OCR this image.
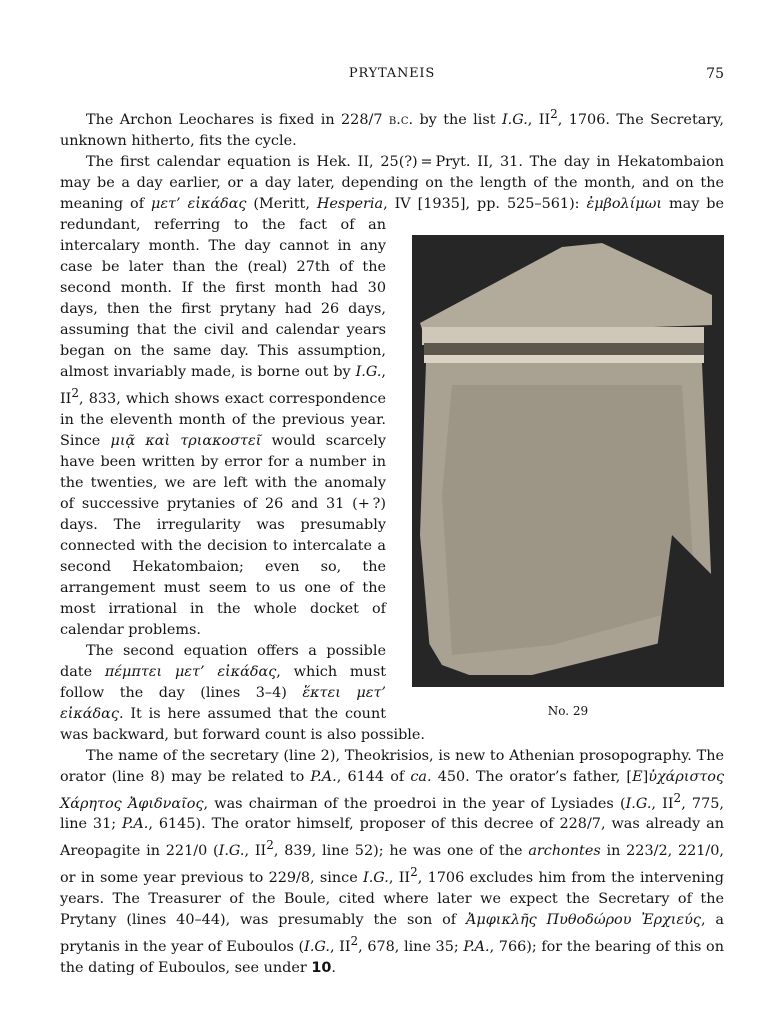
PRYTANEIS	75

The Archon Leochares is fixed in 228/7 b.c. by the list I.G., $II^2$, 1706. The Secretary, unknown hitherto, fits the cycle.

The first calendar equation is Hek. II, 25(?) = Pryt. II, 31. The day in Hekatombaion may be a day earlier, or a day later, depending on the length of the month, and on the meaning of μετ’ εἰκάδας (Meritt, Hesperia, IV [1935], pp. 525–561): ἐμβολίμωι
No. 29
may be redundant, referring to the fact of an intercalary month. The day cannot in any case be later than the (real) 27th of the second month. If the first month had 30 days, then the first prytany had 26 days, assuming that the civil and calendar years began on the same day. This assumption, almost invariably made, is borne out by I.G., $II^2$, 833, which shows exact correspondence in the eleventh month of the previous year. Since μιᾷ καὶ τριακοστεῖ would scarcely have been written by error for a number in the twenties, we are left with the anomaly of successive prytanies of 26 and 31 (+ ?) days. The irregularity was presumably connected with the decision to intercalate a second Hekatombaion; even so, the arrangement must seem to us one of the most irrational in the whole docket of calendar problems.

The second equation offers a possible date πέμπτει μετ’ εἰκάδας, which must follow the day (lines 3–4) ἕκτει μετ’ εἰκάδας. It is here assumed that the count was backward, but forward count is also possible.

The name of the secretary (line 2), Theokrisios, is new to Athenian prosopography. The orator (line 8) may be related to P.A., 6144 of ca. 450. The orator’s father, [E]ὐχάριστος Χάρητος Ἀφιδναῖος, was chairman of the proedroi in the year of Lysiades (I.G., $II^2$, 775, line 31; P.A., 6145). The orator himself, proposer of this decree of 228/7, was already an Areopagite in 221/0 (I.G., $II^2$, 839, line 52); he was one of the archontes in 223/2, 221/0, or in some year previous to 229/8, since I.G., $II^2$, 1706 excludes him from the intervening years. The Treasurer of the Boule, cited where later we expect the Secretary of the Prytany (lines 40–44), was presumably the son of Ἀμφικλῆς Πυθοδώρου Ἐρχιεύς, a prytanis in the year of Euboulos (I.G., $II^2$, 678, line 35; P.A., 766); for the bearing of this on the dating of Euboulos, see under 10.
